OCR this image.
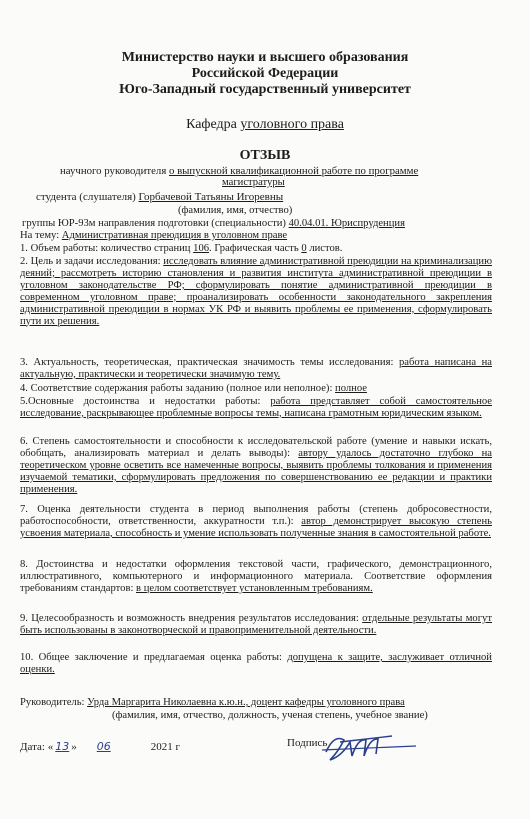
Министерство науки и высшего образования
Российской Федерации
Юго-Западный государственный университет
Кафедра уголовного права
ОТЗЫВ
научного руководителя о выпускной квалификационной работе по программе
магистратуры
студента (слушателя) Горбачевой Татьяны Игоревны
(фамилия, имя, отчество)
группы ЮР-93м направления подготовки (специальности) 40.04.01. Юриспруденция
На тему: Административная преюдиция в уголовном праве
1. Объем работы: количество страниц 106. Графическая часть 0 листов.
2. Цель и задачи исследования: исследовать влияние административной преюдиции на криминализацию деяний; рассмотреть историю становления и развития института административной преюдиции в уголовном законодательстве РФ; сформулировать понятие административной преюдиции в современном уголовном праве; проанализировать особенности законодательного закрепления административной преюдиции в нормах УК РФ и выявить проблемы ее применения, сформулировать пути их решения.
3. Актуальность, теоретическая, практическая значимость темы исследования: работа написана на актуальную, практически и теоретически значимую тему.
4. Соответствие содержания работы заданию (полное или неполное): полное
5.Основные достоинства и недостатки работы: работа представляет собой самостоятельное исследование, раскрывающее проблемные вопросы темы, написана грамотным юридическим языком.
6. Степень самостоятельности и способности к исследовательской работе (умение и навыки искать, обобщать, анализировать материал и делать выводы): автору удалось достаточно глубоко на теоретическом уровне осветить все намеченные вопросы, выявить проблемы толкования и применения изучаемой тематики, сформулировать предложения по совершенствованию ее редакции и практики применения.
7. Оценка деятельности студента в период выполнения работы (степень добросовестности, работоспособности, ответственности, аккуратности т.п.): автор демонстрирует высокую степень усвоения материала, способность и умение использовать полученные знания в самостоятельной работе.
8. Достоинства и недостатки оформления текстовой части, графического, демонстрационного, иллюстративного, компьютерного и информационного материала. Соответствие оформления требованиям стандартов: в целом соответствует установленным требованиям.
9. Целесообразность и возможность внедрения результатов исследования: отдельные результаты могут быть использованы в законотворческой и правоприменительной деятельности.
10. Общее заключение и предлагаемая оценка работы: допущена к защите, заслуживает отличной оценки.
Руководитель: Урда Маргарита Николаевна к.ю.н., доцент кафедры уголовного права
(фамилия, имя, отчество, должность, ученая степень, учебное звание)
Дата: « 13 » 06	2021 г	Подпись
